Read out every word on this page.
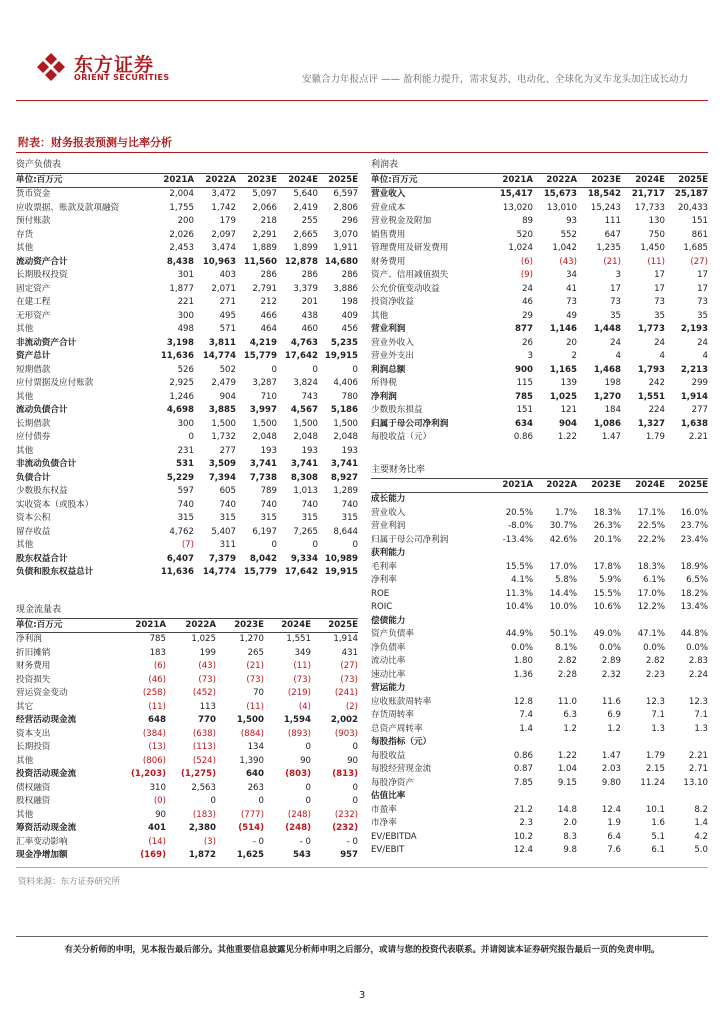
东方证券
ORIENT SECURITIES	安徽合力年报点评 —— 盈利能力提升，需求复苏、电动化、全球化为叉车龙头加注成长动力
附表：财务报表预测与比率分析
资产负债表					
单位:百万元	2021A	2022A	2023E	2024E	2025E
货币资金	2,004	3,472	5,097	5,640	6,597
应收票据、账款及款项融资	1,755	1,742	2,066	2,419	2,806
预付账款	200	179	218	255	296
存货	2,026	2,097	2,291	2,665	3,070
其他	2,453	3,474	1,889	1,899	1,911
流动资产合计	8,438	10,963	11,560	12,878	14,680
长期股权投资	301	403	286	286	286
固定资产	1,877	2,071	2,791	3,379	3,886
在建工程	221	271	212	201	198
无形资产	300	495	466	438	409
其他	498	571	464	460	456
非流动资产合计	3,198	3,811	4,219	4,763	5,235
资产总计	11,636	14,774	15,779	17,642	19,915
短期借款	526	502	0	0	0
应付票据及应付账款	2,925	2,479	3,287	3,824	4,406
其他	1,246	904	710	743	780
流动负债合计	4,698	3,885	3,997	4,567	5,186
长期借款	300	1,500	1,500	1,500	1,500
应付债券	0	1,732	2,048	2,048	2,048
其他	231	277	193	193	193
非流动负债合计	531	3,509	3,741	3,741	3,741
负债合计	5,229	7,394	7,738	8,308	8,927
少数股东权益	597	605	789	1,013	1,289
实收资本（或股本）	740	740	740	740	740
资本公积	315	315	315	315	315
留存收益	4,762	5,407	6,197	7,265	8,644
其他	(7)	311	0	0	0
股东权益合计	6,407	7,379	8,042	9,334	10,989
负债和股东权益总计	11,636	14,774	15,779	17,642	19,915
现金流量表					
单位:百万元	2021A	2022A	2023E	2024E	2025E
净利润	785	1,025	1,270	1,551	1,914
折旧摊销	183	199	265	349	431
财务费用	(6)	(43)	(21)	(11)	(27)
投资损失	(46)	(73)	(73)	(73)	(73)
营运资金变动	(258)	(452)	70	(219)	(241)
其它	(11)	113	(11)	(4)	(2)
经营活动现金流	648	770	1,500	1,594	2,002
资本支出	(384)	(638)	(884)	(893)	(903)
长期投资	(13)	(113)	134	0	0
其他	(806)	(524)	1,390	90	90
投资活动现金流	(1,203)	(1,275)	640	(803)	(813)
债权融资	310	2,563	263	0	0
股权融资	(0)	0	0	0	0
其他	90	(183)	(777)	(248)	(232)
筹资活动现金流	401	2,380	(514)	(248)	(232)
汇率变动影响	(14)	(3)	- 0	- 0	- 0
现金净增加额	(169)	1,872	1,625	543	957
利润表					
单位:百万元	2021A	2022A	2023E	2024E	2025E
营业收入	15,417	15,673	18,542	21,717	25,187
营业成本	13,020	13,010	15,243	17,733	20,433
营业税金及附加	89	93	111	130	151
销售费用	520	552	647	750	861
管理费用及研发费用	1,024	1,042	1,235	1,450	1,685
财务费用	(6)	(43)	(21)	(11)	(27)
资产、信用减值损失	(9)	34	3	17	17
公允价值变动收益	24	41	17	17	17
投资净收益	46	73	73	73	73
其他	29	49	35	35	35
营业利润	877	1,146	1,448	1,773	2,193
营业外收入	26	20	24	24	24
营业外支出	3	2	4	4	4
利润总额	900	1,165	1,468	1,793	2,213
所得税	115	139	198	242	299
净利润	785	1,025	1,270	1,551	1,914
少数股东损益	151	121	184	224	277
归属于母公司净利润	634	904	1,086	1,327	1,638
每股收益（元）	0.86	1.22	1.47	1.79	2.21
主要财务比率					
	2021A	2022A	2023E	2024E	2025E
成长能力					
营业收入	20.5%	1.7%	18.3%	17.1%	16.0%
营业利润	-8.0%	30.7%	26.3%	22.5%	23.7%
归属于母公司净利润	-13.4%	42.6%	20.1%	22.2%	23.4%
获利能力					
毛利率	15.5%	17.0%	17.8%	18.3%	18.9%
净利率	4.1%	5.8%	5.9%	6.1%	6.5%
ROE	11.3%	14.4%	15.5%	17.0%	18.2%
ROIC	10.4%	10.0%	10.6%	12.2%	13.4%
偿债能力					
资产负债率	44.9%	50.1%	49.0%	47.1%	44.8%
净负债率	0.0%	8.1%	0.0%	0.0%	0.0%
流动比率	1.80	2.82	2.89	2.82	2.83
速动比率	1.36	2.28	2.32	2.23	2.24
营运能力					
应收账款周转率	12.8	11.0	11.6	12.3	12.3
存货周转率	7.4	6.3	6.9	7.1	7.1
总资产周转率	1.4	1.2	1.2	1.3	1.3
每股指标（元）					
每股收益	0.86	1.22	1.47	1.79	2.21
每股经营现金流	0.87	1.04	2.03	2.15	2.71
每股净资产	7.85	9.15	9.80	11.24	13.10
估值比率					
市盈率	21.2	14.8	12.4	10.1	8.2
市净率	2.3	2.0	1.9	1.6	1.4
EV/EBITDA	10.2	8.3	6.4	5.1	4.2
EV/EBIT	12.4	9.8	7.6	6.1	5.0
资料来源：东方证券研究所
有关分析师的申明，见本报告最后部分。其他重要信息披露见分析师申明之后部分，或请与您的投资代表联系。并请阅读本证券研究报告最后一页的免责申明。
3
